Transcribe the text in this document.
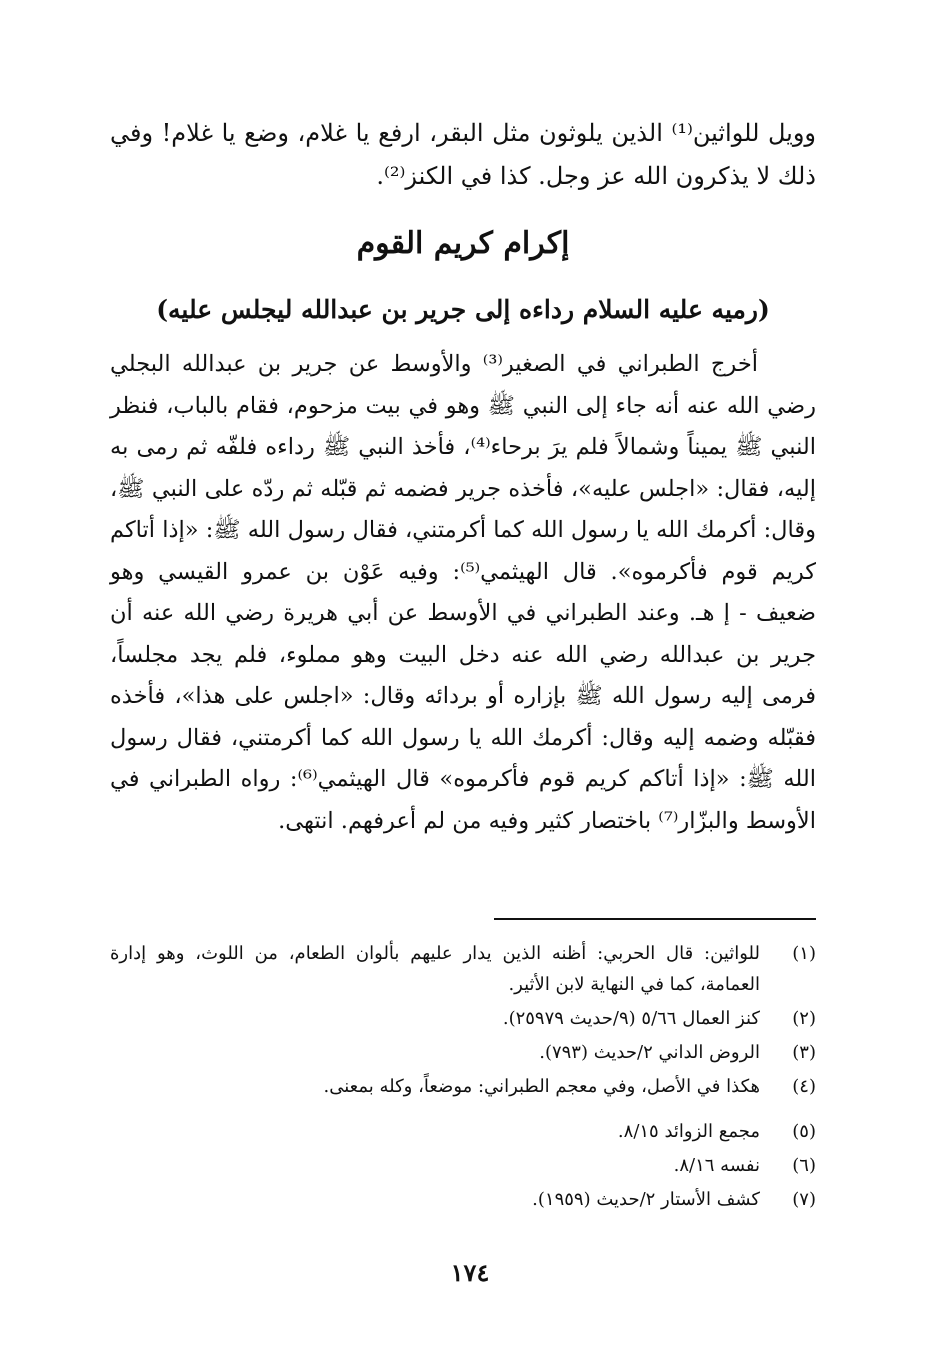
وويل للواثين⁽¹⁾ الذين يلوثون مثل البقر، ارفع يا غلام، وضع يا غلام! وفي ذلك لا يذكرون الله عز وجل. كذا في الكنز⁽²⁾.

إكرام كريم القوم
(رميه عليه السلام رداءه إلى جرير بن عبدالله ليجلس عليه)

أخرج الطبراني في الصغير⁽³⁾ والأوسط عن جرير بن عبدالله البجلي رضي الله عنه أنه جاء إلى النبي ﷺ وهو في بيت مزحوم، فقام بالباب، فنظر النبي ﷺ يميناً وشمالاً فلم يرَ برحاء⁽⁴⁾، فأخذ النبي ﷺ رداءه فلفّه ثم رمى به إليه، فقال: «اجلس عليه»، فأخذه جرير فضمه ثم قبّله ثم ردّه على النبي ﷺ، وقال: أكرمك الله يا رسول الله كما أكرمتني، فقال رسول الله ﷺ: «إذا أتاكم كريم قوم فأكرموه». قال الهيثمي⁽⁵⁾: وفيه عَوْن بن عمرو القيسي وهو ضعيف - إ هـ. وعند الطبراني في الأوسط عن أبي هريرة رضي الله عنه أن جرير بن عبدالله رضي الله عنه دخل البيت وهو مملوء، فلم يجد مجلساً، فرمى إليه رسول الله ﷺ بإزاره أو بردائه وقال: «اجلس على هذا»، فأخذه فقبّله وضمه إليه وقال: أكرمك الله يا رسول الله كما أكرمتني، فقال رسول الله ﷺ: «إذا أتاكم كريم قوم فأكرموه» قال الهيثمي⁽⁶⁾: رواه الطبراني في الأوسط والبزّار⁽⁷⁾ باختصار كثير وفيه من لم أعرفهم. انتهى.

(١)
للواثين: قال الحربي: أظنه الذين يدار عليهم بألوان الطعام، من اللوث، وهو إدارة العمامة، كما في النهاية لابن الأثير.
(٢)
كنز العمال ٥/٦٦ (٩/حديث ٢٥٩٧٩).
(٣)
الروض الداني ٢/حديث (٧٩٣).
(٤)
هكذا في الأصل، وفي معجم الطبراني: موضعاً، وكله بمعنى.
(٥)
مجمع الزوائد ٨/١٥.
(٦)
نفسه ٨/١٦.
(٧)
كشف الأستار ٢/حديث (١٩٥٩).
١٧٤
